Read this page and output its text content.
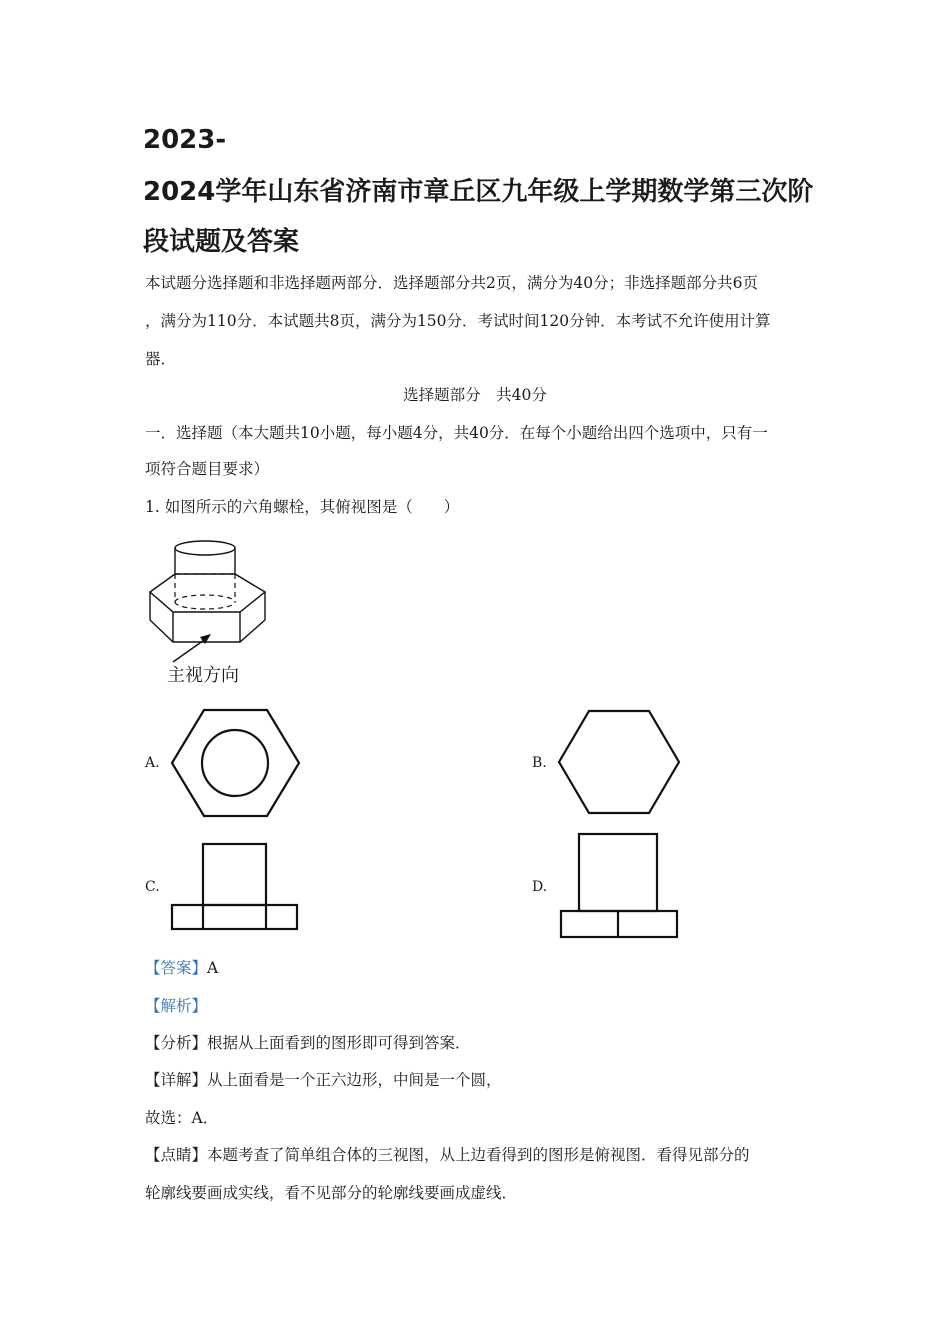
2023-
2024学年山东省济南市章丘区九年级上学期数学第三次阶
段试题及答案
本试题分选择题和非选择题两部分．选择题部分共2页，满分为40分；非选择题部分共6页
，满分为110分．本试题共8页，满分为150分．考试时间120分钟．本考试不允许使用计算
器．
选择题部分　共40分
一．选择题（本大题共10小题，每小题4分，共40分．在每个小题给出四个选项中，只有一
项符合题目要求）
1. 如图所示的六角螺栓，其俯视图是（　　）
主视方向
A.	B.
C.	D.
【答案】A
【解析】
【分析】根据从上面看到的图形即可得到答案．
【详解】从上面看是一个正六边形，中间是一个圆，
故选：A．
【点睛】本题考查了简单组合体的三视图，从上边看得到的图形是俯视图．看得见部分的
轮廓线要画成实线，看不见部分的轮廓线要画成虚线．
